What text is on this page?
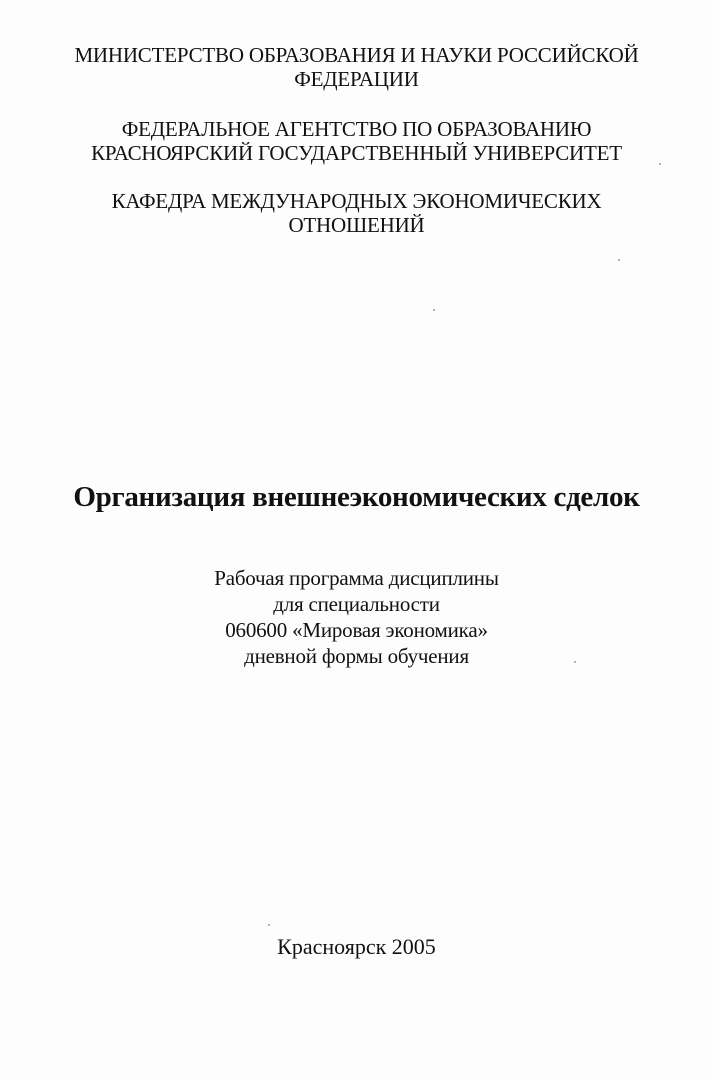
МИНИСТЕРСТВО ОБРАЗОВАНИЯ И НАУКИ РОССИЙСКОЙ
ФЕДЕРАЦИИ
ФЕДЕРАЛЬНОЕ АГЕНТСТВО ПО ОБРАЗОВАНИЮ
КРАСНОЯРСКИЙ ГОСУДАРСТВЕННЫЙ УНИВЕРСИТЕТ
КАФЕДРА МЕЖДУНАРОДНЫХ ЭКОНОМИЧЕСКИХ
ОТНОШЕНИЙ
Организация внешнеэкономических сделок
Рабочая программа дисциплины
для специальности
060600 «Мировая экономика»
дневной формы обучения
Красноярск 2005
